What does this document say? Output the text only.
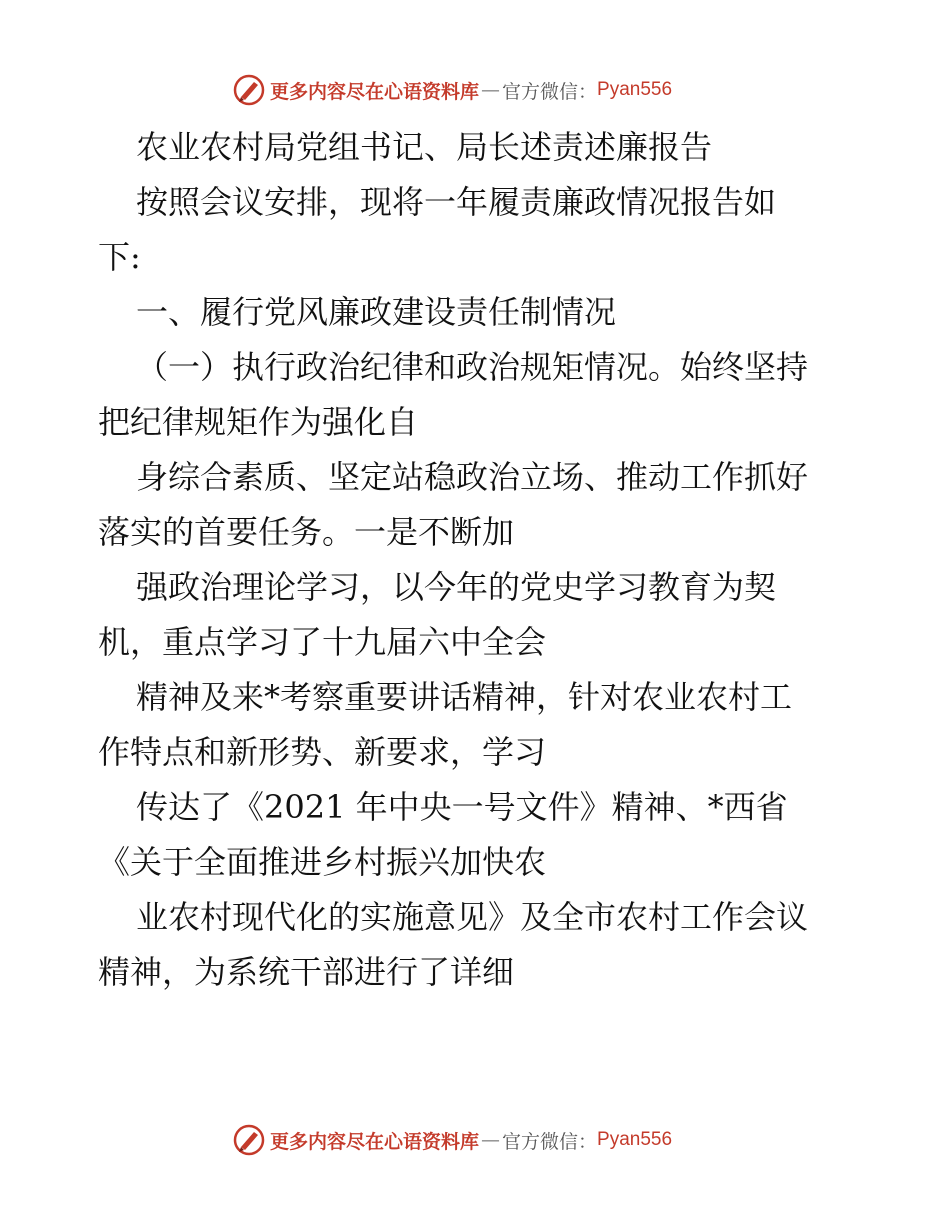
更多内容尽在心语资料库 — 官方微信： Pyan556
农业农村局党组书记、局长述责述廉报告
按照会议安排，现将一年履责廉政情况报告如
下:
一、履行党风廉政建设责任制情况
（一）执行政治纪律和政治规矩情况。始终坚持
把纪律规矩作为强化自
身综合素质、坚定站稳政治立场、推动工作抓好
落实的首要任务。一是不断加
强政治理论学习，以今年的党史学习教育为契
机，重点学习了十九届六中全会
精神及来*考察重要讲话精神，针对农业农村工
作特点和新形势、新要求，学习
传达了《2021 年中央一号文件》精神、*西省
《关于全面推进乡村振兴加快农
业农村现代化的实施意见》及全市农村工作会议
精神，为系统干部进行了详细
更多内容尽在心语资料库 — 官方微信： Pyan556
